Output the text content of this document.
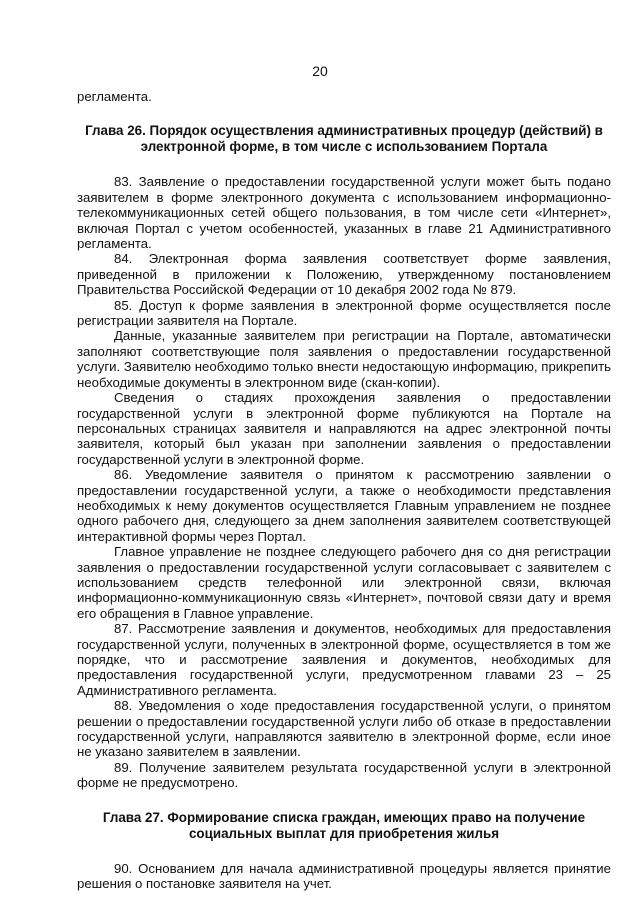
20

регламента.

Глава 26. Порядок осуществления административных процедур (действий) в
электронной форме, в том числе с использованием Портала

83. Заявление о предоставлении государственной услуги может быть подано заявителем в форме электронного документа с использованием информационно-телекоммуникационных сетей общего пользования, в том числе сети «Интернет», включая Портал с учетом особенностей, указанных в главе 21 Административного регламента.

84. Электронная форма заявления соответствует форме заявления, приведенной в приложении к Положению, утвержденному постановлением Правительства Российской Федерации от 10 декабря 2002 года № 879.

85. Доступ к форме заявления в электронной форме осуществляется после регистрации заявителя на Портале.

Данные, указанные заявителем при регистрации на Портале, автоматически заполняют соответствующие поля заявления о предоставлении государственной услуги. Заявителю необходимо только внести недостающую информацию, прикрепить необходимые документы в электронном виде (скан-копии).

Сведения о стадиях прохождения заявления о предоставлении государственной услуги в электронной форме публикуются на Портале на персональных страницах заявителя и направляются на адрес электронной почты заявителя, который был указан при заполнении заявления о предоставлении государственной услуги в электронной форме.

86. Уведомление заявителя о принятом к рассмотрению заявлении о предоставлении государственной услуги, а также о необходимости представления необходимых к нему документов осуществляется Главным управлением не позднее одного рабочего дня, следующего за днем заполнения заявителем соответствующей интерактивной формы через Портал.

Главное управление не позднее следующего рабочего дня со дня регистрации заявления о предоставлении государственной услуги согласовывает с заявителем с использованием средств телефонной или электронной связи, включая информационно-коммуникационную связь «Интернет», почтовой связи дату и время его обращения в Главное управление.

87. Рассмотрение заявления и документов, необходимых для предоставления государственной услуги, полученных в электронной форме, осуществляется в том же порядке, что и рассмотрение заявления и документов, необходимых для предоставления государственной услуги, предусмотренном главами 23 – 25 Административного регламента.

88. Уведомления о ходе предоставления государственной услуги, о принятом решении о предоставлении государственной услуги либо об отказе в предоставлении государственной услуги, направляются заявителю в электронной форме, если иное не указано заявителем в заявлении.

89. Получение заявителем результата государственной услуги в электронной форме не предусмотрено.

Глава 27. Формирование списка граждан, имеющих право на получение
социальных выплат для приобретения жилья

90. Основанием для начала административной процедуры является принятие решения о постановке заявителя на учет.
